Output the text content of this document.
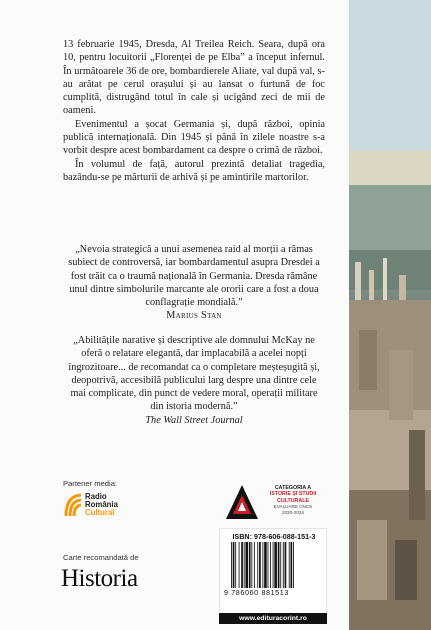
13 februarie 1945, Dresda, Al Treilea Reich. Seara, după ora 10, pentru locuitorii „Florenței de pe Elba” a început infernul. În următoarele 36 de ore, bombardierele Aliate, val după val, s-au arătat pe cerul orașului și au lansat o furtună de foc cumplită, distrugând totul în cale și ucigând zeci de mii de oameni.

Evenimentul a șocat Germania și, după război, opinia publică internațională. Din 1945 și până în zilele noastre s-a vorbit despre acest bombardament ca despre o crimă de război.

În volumul de față, autorul prezintă detaliat tragedia, bazându-se pe mărturii de arhivă și pe amintirile martorilor.

„Nevoia strategică a unui asemenea raid al morții a rămas subiect de controversă, iar bombardamentul asupra Dresdei a fost trăit ca o traumă națională în Germania. Dresda rămâne unul dintre simbolurile marcante ale ororii care a fost a doua conflagrație mondială.”
Marius Stan
„Abilitățile narative și descriptive ale domnului McKay ne oferă o relatare elegantă, dar implacabilă a acelei nopți îngrozitoare... de recomandat ca o completare meșteșugită și, deopotrivă, accesibilă publicului larg despre una dintre cele mai complicate, din punct de vedere moral, operații militare din istoria modernă.”
The Wall Street Journal
Partener media:
Radio
România
Cultural
Carte recomandată de
Historia
CATEGORIA A
ISTORIE ȘI STUDII
CULTURALE
EVALUARE CNCS
2020-2024
ISBN: 978-606-088-151-3
9 786060 881513
www.edituracorint.ro
